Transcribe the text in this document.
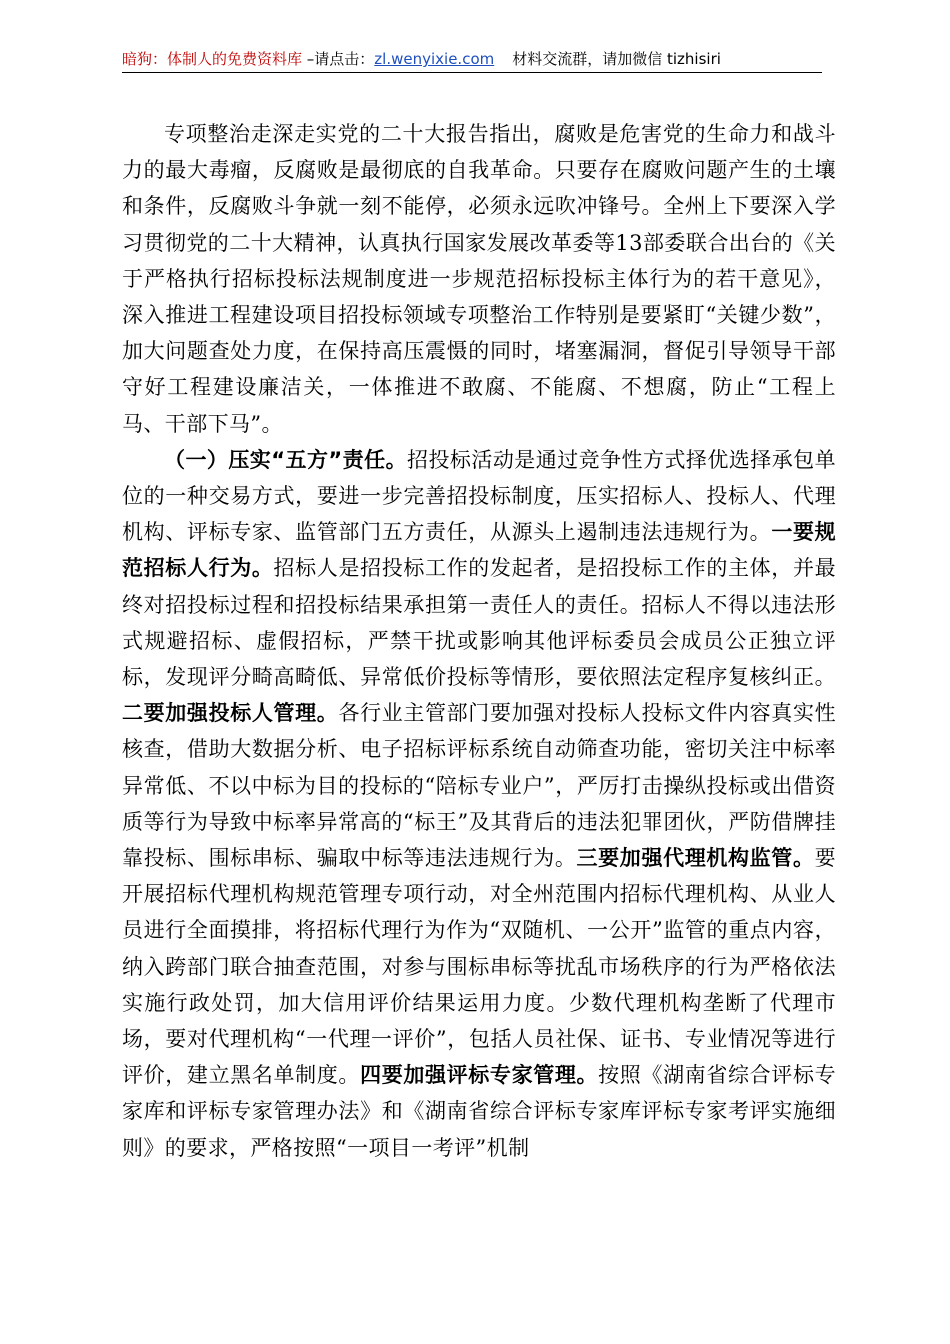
暗狗：体制人的免费资料库 –请点击：zl.wenyixie.com 材料交流群，请加微信 tizhisiri

专项整治走深走实党的二十大报告指出，腐败是危害党的生命力和战斗力的最大毒瘤，反腐败是最彻底的自我革命。只要存在腐败问题产生的土壤和条件，反腐败斗争就一刻不能停，必须永远吹冲锋号。全州上下要深入学习贯彻党的二十大精神，认真执行国家发展改革委等13部委联合出台的《关于严格执行招标投标法规制度进一步规范招标投标主体行为的若干意见》，深入推进工程建设项目招投标领域专项整治工作特别是要紧盯“关键少数”，加大问题查处力度，在保持高压震慑的同时，堵塞漏洞，督促引导领导干部守好工程建设廉洁关，一体推进不敢腐、不能腐、不想腐，防止“工程上马、干部下马”。

（一）压实“五方”责任。招投标活动是通过竞争性方式择优选择承包单位的一种交易方式，要进一步完善招投标制度，压实招标人、投标人、代理机构、评标专家、监管部门五方责任，从源头上遏制违法违规行为。一要规范招标人行为。招标人是招投标工作的发起者，是招投标工作的主体，并最终对招投标过程和招投标结果承担第一责任人的责任。招标人不得以违法形式规避招标、虚假招标，严禁干扰或影响其他评标委员会成员公正独立评标，发现评分畸高畸低、异常低价投标等情形，要依照法定程序复核纠正。二要加强投标人管理。各行业主管部门要加强对投标人投标文件内容真实性核查，借助大数据分析、电子招标评标系统自动筛查功能，密切关注中标率异常低、不以中标为目的投标的“陪标专业户”，严厉打击操纵投标或出借资质等行为导致中标率异常高的“标王”及其背后的违法犯罪团伙，严防借牌挂靠投标、围标串标、骗取中标等违法违规行为。三要加强代理机构监管。要开展招标代理机构规范管理专项行动，对全州范围内招标代理机构、从业人员进行全面摸排，将招标代理行为作为“双随机、一公开”监管的重点内容，纳入跨部门联合抽查范围，对参与围标串标等扰乱市场秩序的行为严格依法实施行政处罚，加大信用评价结果运用力度。少数代理机构垄断了代理市场，要对代理机构“一代理一评价”，包括人员社保、证书、专业情况等进行评价，建立黑名单制度。四要加强评标专家管理。按照《湖南省综合评标专家库和评标专家管理办法》和《湖南省综合评标专家库评标专家考评实施细则》的要求，严格按照“一项目一考评”机制
